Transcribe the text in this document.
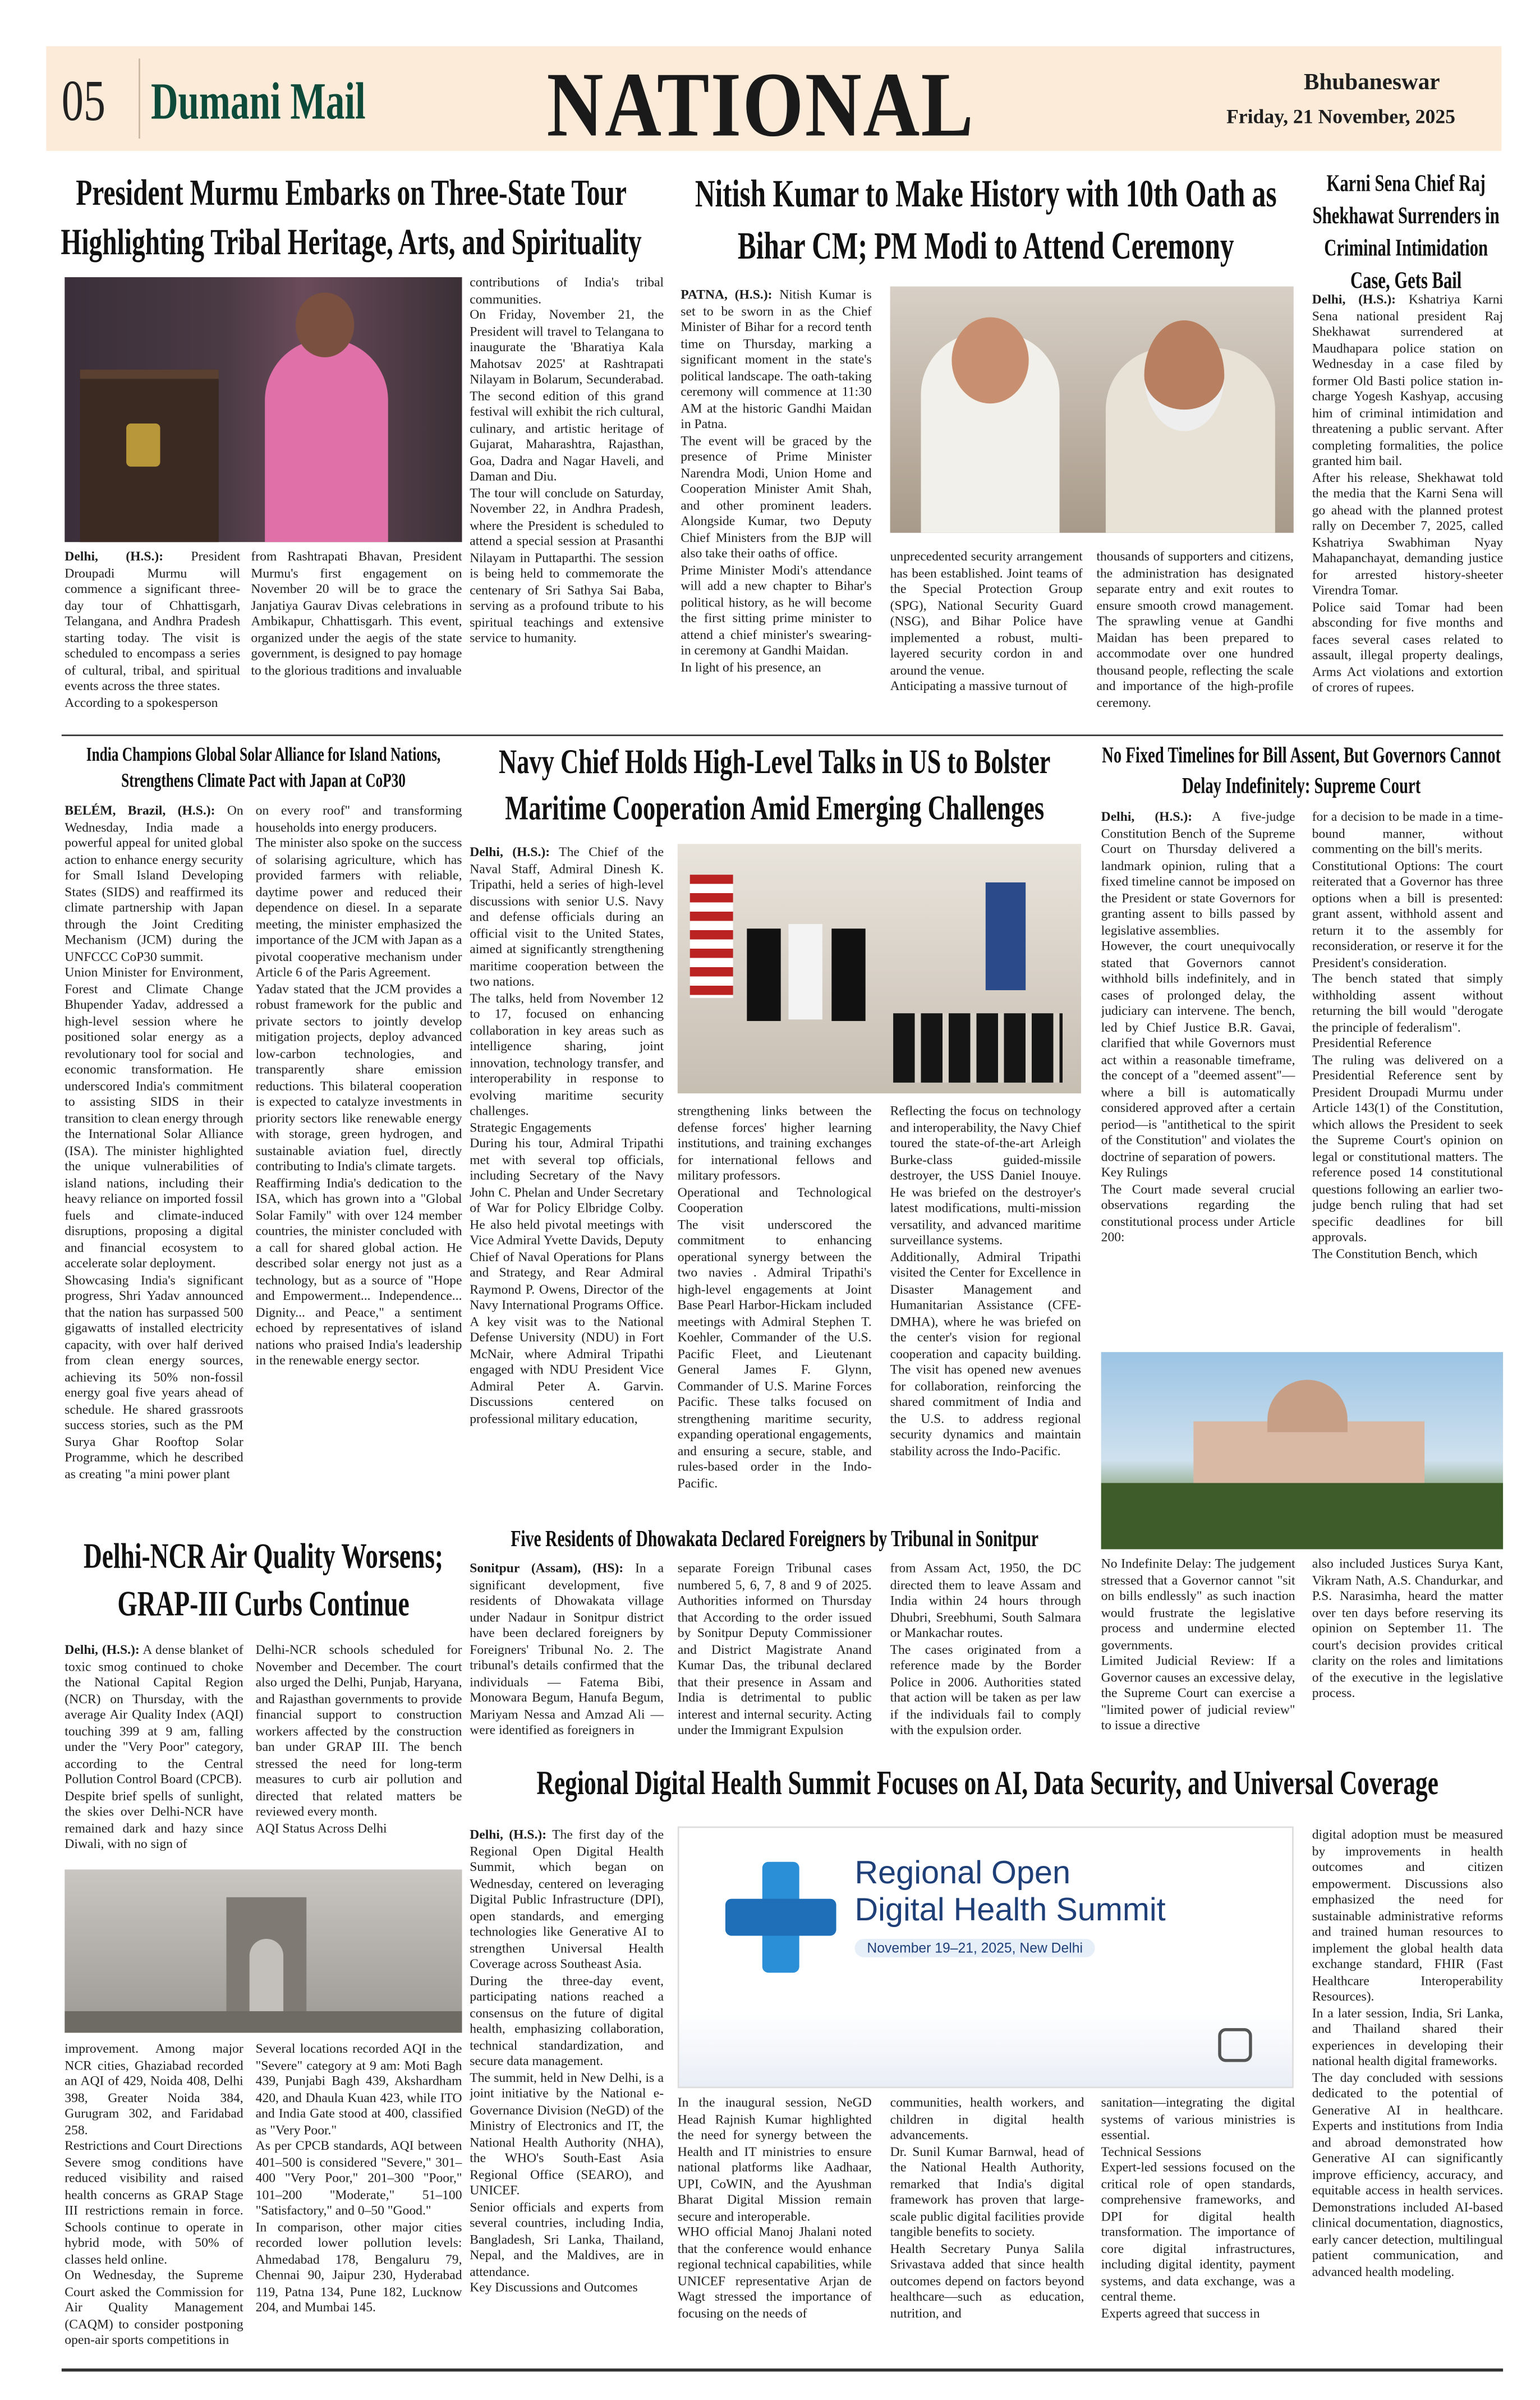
05 Dumani Mail	NATIONAL	Bhubaneswar
Friday, 21 November, 2025
President Murmu Embarks on Three-State Tour Highlighting Tribal Heritage, Arts, and Spirituality

Delhi, (H.S.): President Droupadi Murmu will commence a significant three-day tour of Chhattisgarh, Telangana, and Andhra Pradesh starting today. The visit is scheduled to encompass a series of cultural, tribal, and spiritual events across the three states.

According to a spokesperson

from Rashtrapati Bhavan, President Murmu's first engagement on November 20 will be to grace the Janjatiya Gaurav Divas celebrations in Ambikapur, Chhattisgarh. This event, organized under the aegis of the state government, is designed to pay homage to the glorious traditions and invaluable

contributions of India's tribal communities.

On Friday, November 21, the President will travel to Telangana to inaugurate the 'Bharatiya Kala Mahotsav 2025' at Rashtrapati Nilayam in Bolarum, Secunderabad. The second edition of this grand festival will exhibit the rich cultural, culinary, and artistic heritage of Gujarat, Maharashtra, Rajasthan, Goa, Dadra and Nagar Haveli, and Daman and Diu.

The tour will conclude on Saturday, November 22, in Andhra Pradesh, where the President is scheduled to attend a special session at Prasanthi Nilayam in Puttaparthi. The session is being held to commemorate the centenary of Sri Sathya Sai Baba, serving as a profound tribute to his spiritual teachings and extensive service to humanity.

Nitish Kumar to Make History with 10th Oath as Bihar CM; PM Modi to Attend Ceremony

PATNA, (H.S.): Nitish Kumar is set to be sworn in as the Chief Minister of Bihar for a record tenth time on Thursday, marking a significant moment in the state's political landscape. The oath-taking ceremony will commence at 11:30 AM at the historic Gandhi Maidan in Patna.

The event will be graced by the presence of Prime Minister Narendra Modi, Union Home and Cooperation Minister Amit Shah, and other prominent leaders. Alongside Kumar, two Deputy Chief Ministers from the BJP will also take their oaths of office.

Prime Minister Modi's attendance will add a new chapter to Bihar's political history, as he will become the first sitting prime minister to attend a chief minister's swearing-in ceremony at Gandhi Maidan.

In light of his presence, an

unprecedented security arrangement has been established. Joint teams of the Special Protection Group (SPG), National Security Guard (NSG), and Bihar Police have implemented a robust, multi-layered security cordon in and around the venue.

Anticipating a massive turnout of

thousands of supporters and citizens, the administration has designated separate entry and exit routes to ensure smooth crowd management. The sprawling venue at Gandhi Maidan has been prepared to accommodate over one hundred thousand people, reflecting the scale and importance of the high-profile ceremony.

Karni Sena Chief Raj Shekhawat Surrenders in Criminal Intimidation Case, Gets Bail

Delhi, (H.S.): Kshatriya Karni Sena national president Raj Shekhawat surrendered at Maudhapara police station on Wednesday in a case filed by former Old Basti police station in-charge Yogesh Kashyap, accusing him of criminal intimidation and threatening a public servant. After completing formalities, the police granted him bail.

After his release, Shekhawat told the media that the Karni Sena will go ahead with the planned protest rally on December 7, 2025, called Kshatriya Swabhiman Nyay Mahapanchayat, demanding justice for arrested history-sheeter Virendra Tomar.

Police said Tomar had been absconding for five months and faces several cases related to assault, illegal property dealings, Arms Act violations and extortion of crores of rupees.

India Champions Global Solar Alliance for Island Nations, Strengthens Climate Pact with Japan at CoP30

BELÉM, Brazil, (H.S.): On Wednesday, India made a powerful appeal for united global action to enhance energy security for Small Island Developing States (SIDS) and reaffirmed its climate partnership with Japan through the Joint Crediting Mechanism (JCM) during the UNFCCC CoP30 summit.

Union Minister for Environment, Forest and Climate Change Bhupender Yadav, addressed a high-level session where he positioned solar energy as a revolutionary tool for social and economic transformation. He underscored India's commitment to assisting SIDS in their transition to clean energy through the International Solar Alliance (ISA). The minister highlighted the unique vulnerabilities of island nations, including their heavy reliance on imported fossil fuels and climate-induced disruptions, proposing a digital and financial ecosystem to accelerate solar deployment.

Showcasing India's significant progress, Shri Yadav announced that the nation has surpassed 500 gigawatts of installed electricity capacity, with over half derived from clean energy sources, achieving its 50% non-fossil energy goal five years ahead of schedule. He shared grassroots success stories, such as the PM Surya Ghar Rooftop Solar Programme, which he described as creating "a mini power plant

on every roof" and transforming households into energy producers.

The minister also spoke on the success of solarising agriculture, which has provided farmers with reliable, daytime power and reduced their dependence on diesel. In a separate meeting, the minister emphasized the importance of the JCM with Japan as a pivotal cooperative mechanism under Article 6 of the Paris Agreement.

Yadav stated that the JCM provides a robust framework for the public and private sectors to jointly develop mitigation projects, deploy advanced low-carbon technologies, and transparently share emission reductions. This bilateral cooperation is expected to catalyze investments in priority sectors like renewable energy with storage, green hydrogen, and sustainable aviation fuel, directly contributing to India's climate targets.

Reaffirming India's dedication to the ISA, which has grown into a "Global Solar Family" with over 124 member countries, the minister concluded with a call for shared global action. He described solar energy not just as a technology, but as a source of "Hope and Empowerment... Independence... Dignity... and Peace," a sentiment echoed by representatives of island nations who praised India's leadership in the renewable energy sector.

Navy Chief Holds High-Level Talks in US to Bolster Maritime Cooperation Amid Emerging Challenges

Delhi, (H.S.): The Chief of the Naval Staff, Admiral Dinesh K. Tripathi, held a series of high-level discussions with senior U.S. Navy and defense officials during an official visit to the United States, aimed at significantly strengthening maritime cooperation between the two nations.

The talks, held from November 12 to 17, focused on enhancing collaboration in key areas such as intelligence sharing, joint innovation, technology transfer, and interoperability in response to evolving maritime security challenges.

Strategic Engagements

During his tour, Admiral Tripathi met with several top officials, including Secretary of the Navy John C. Phelan and Under Secretary of War for Policy Elbridge Colby. He also held pivotal meetings with Vice Admiral Yvette Davids, Deputy Chief of Naval Operations for Plans and Strategy, and Rear Admiral Raymond P. Owens, Director of the Navy International Programs Office.

A key visit was to the National Defense University (NDU) in Fort McNair, where Admiral Tripathi engaged with NDU President Vice Admiral Peter A. Garvin. Discussions centered on professional military education,

strengthening links between the defense forces' higher learning institutions, and training exchanges for international fellows and military professors.

Operational and Technological Cooperation

The visit underscored the commitment to enhancing operational synergy between the two navies . Admiral Tripathi's high-level engagements at Joint Base Pearl Harbor-Hickam included meetings with Admiral Stephen T. Koehler, Commander of the U.S. Pacific Fleet, and Lieutenant General James F. Glynn, Commander of U.S. Marine Forces Pacific. These talks focused on strengthening maritime security, expanding operational engagements, and ensuring a secure, stable, and rules-based order in the Indo-Pacific.

Reflecting the focus on technology and interoperability, the Navy Chief toured the state-of-the-art Arleigh Burke-class guided-missile destroyer, the USS Daniel Inouye. He was briefed on the destroyer's latest modifications, multi-mission versatility, and advanced maritime surveillance systems.

Additionally, Admiral Tripathi visited the Center for Excellence in Disaster Management and Humanitarian Assistance (CFE-DMHA), where he was briefed on the center's vision for regional cooperation and capacity building. The visit has opened new avenues for collaboration, reinforcing the shared commitment of India and the U.S. to address regional security dynamics and maintain stability across the Indo-Pacific.

No Fixed Timelines for Bill Assent, But Governors Cannot Delay Indefinitely: Supreme Court

Delhi, (H.S.): A five-judge Constitution Bench of the Supreme Court on Thursday delivered a landmark opinion, ruling that a fixed timeline cannot be imposed on the President or state Governors for granting assent to bills passed by legislative assemblies.

However, the court unequivocally stated that Governors cannot withhold bills indefinitely, and in cases of prolonged delay, the judiciary can intervene. The bench, led by Chief Justice B.R. Gavai, clarified that while Governors must act within a reasonable timeframe, the concept of a "deemed assent"—where a bill is automatically considered approved after a certain period—is "antithetical to the spirit of the Constitution" and violates the doctrine of separation of powers.

Key Rulings

The Court made several crucial observations regarding the constitutional process under Article 200:

for a decision to be made in a time-bound manner, without commenting on the bill's merits.

Constitutional Options: The court reiterated that a Governor has three options when a bill is presented: grant assent, withhold assent and return it to the assembly for reconsideration, or reserve it for the President's consideration.

The bench stated that simply withholding assent without returning the bill would "derogate the principle of federalism".

Presidential Reference

The ruling was delivered on a Presidential Reference sent by President Droupadi Murmu under Article 143(1) of the Constitution, which allows the President to seek the Supreme Court's opinion on legal or constitutional matters. The reference posed 14 constitutional questions following an earlier two-judge bench ruling that had set specific deadlines for bill approvals.

The Constitution Bench, which

No Indefinite Delay: The judgement stressed that a Governor cannot "sit on bills endlessly" as such inaction would frustrate the legislative process and undermine elected governments.

Limited Judicial Review: If a Governor causes an excessive delay, the Supreme Court can exercise a "limited power of judicial review" to issue a directive

also included Justices Surya Kant, Vikram Nath, A.S. Chandurkar, and P.S. Narasimha, heard the matter over ten days before reserving its opinion on September 11. The court's decision provides critical clarity on the roles and limitations of the executive in the legislative process.

Five Residents of Dhowakata Declared Foreigners by Tribunal in Sonitpur

Sonitpur (Assam), (HS): In a significant development, five residents of Dhowakata village under Nadaur in Sonitpur district have been declared foreigners by Foreigners' Tribunal No. 2. The tribunal's details confirmed that the individuals — Fatema Bibi, Monowara Begum, Hanufa Begum, Mariyam Nessa and Amzad Ali — were identified as foreigners in

separate Foreign Tribunal cases numbered 5, 6, 7, 8 and 9 of 2025. Authorities informed on Thursday that According to the order issued by Sonitpur Deputy Commissioner and District Magistrate Anand Kumar Das, the tribunal declared that their presence in Assam and India is detrimental to public interest and internal security. Acting under the Immigrant Expulsion

from Assam Act, 1950, the DC directed them to leave Assam and India within 24 hours through Dhubri, Sreebhumi, South Salmara or Mankachar routes.

The cases originated from a reference made by the Border Police in 2006. Authorities stated that action will be taken as per law if the individuals fail to comply with the expulsion order.

Delhi-NCR Air Quality Worsens; GRAP-III Curbs Continue

Delhi, (H.S.): A dense blanket of toxic smog continued to choke the National Capital Region (NCR) on Thursday, with the average Air Quality Index (AQI) touching 399 at 9 am, falling under the "Very Poor" category, according to the Central Pollution Control Board (CPCB).

Despite brief spells of sunlight, the skies over Delhi-NCR have remained dark and hazy since Diwali, with no sign of

Delhi-NCR schools scheduled for November and December. The court also urged the Delhi, Punjab, Haryana, and Rajasthan governments to provide financial support to construction workers affected by the construction ban under GRAP III. The bench stressed the need for long-term measures to curb air pollution and directed that related matters be reviewed every month.

AQI Status Across Delhi

improvement. Among major NCR cities, Ghaziabad recorded an AQI of 429, Noida 408, Delhi 398, Greater Noida 384, Gurugram 302, and Faridabad 258.

Restrictions and Court Directions

Severe smog conditions have reduced visibility and raised health concerns as GRAP Stage III restrictions remain in force. Schools continue to operate in hybrid mode, with 50% of classes held online.

On Wednesday, the Supreme Court asked the Commission for Air Quality Management (CAQM) to consider postponing open-air sports competitions in

Several locations recorded AQI in the "Severe" category at 9 am: Moti Bagh 439, Punjabi Bagh 439, Akshardham 420, and Dhaula Kuan 423, while ITO and India Gate stood at 400, classified as "Very Poor."

As per CPCB standards, AQI between 401–500 is considered "Severe," 301–400 "Very Poor," 201–300 "Poor," 101–200 "Moderate," 51–100 "Satisfactory," and 0–50 "Good."

In comparison, other major cities recorded lower pollution levels: Ahmedabad 178, Bengaluru 79, Chennai 90, Jaipur 230, Hyderabad 119, Patna 134, Pune 182, Lucknow 204, and Mumbai 145.

Regional Digital Health Summit Focuses on AI, Data Security, and Universal Coverage

Delhi, (H.S.): The first day of the Regional Open Digital Health Summit, which began on Wednesday, centered on leveraging Digital Public Infrastructure (DPI), open standards, and emerging technologies like Generative AI to strengthen Universal Health Coverage across Southeast Asia.

During the three-day event, participating nations reached a consensus on the future of digital health, emphasizing collaboration, technical standardization, and secure data management.

The summit, held in New Delhi, is a joint initiative by the National e-Governance Division (NeGD) of the Ministry of Electronics and IT, the National Health Authority (NHA), the WHO's South-East Asia Regional Office (SEARO), and UNICEF.

Senior officials and experts from several countries, including India, Bangladesh, Sri Lanka, Thailand, Nepal, and the Maldives, are in attendance.

Key Discussions and Outcomes

Regional Open
Digital Health Summit
November 19–21, 2025, New Delhi

In the inaugural session, NeGD Head Rajnish Kumar highlighted the need for synergy between the Health and IT ministries to ensure national platforms like Aadhaar, UPI, CoWIN, and the Ayushman Bharat Digital Mission remain secure and interoperable.

WHO official Manoj Jhalani noted that the conference would enhance regional technical capabilities, while UNICEF representative Arjan de Wagt stressed the importance of focusing on the needs of

communities, health workers, and children in digital health advancements.

Dr. Sunil Kumar Barnwal, head of the National Health Authority, remarked that India's digital framework has proven that large-scale public digital facilities provide tangible benefits to society.

Health Secretary Punya Salila Srivastava added that since health outcomes depend on factors beyond healthcare—such as education, nutrition, and

sanitation—integrating the digital systems of various ministries is essential.

Technical Sessions

Expert-led sessions focused on the critical role of open standards, comprehensive frameworks, and DPI for digital health transformation. The importance of core digital infrastructures, including digital identity, payment systems, and data exchange, was a central theme.

Experts agreed that success in

digital adoption must be measured by improvements in health outcomes and citizen empowerment. Discussions also emphasized the need for sustainable administrative reforms and trained human resources to implement the global health data exchange standard, FHIR (Fast Healthcare Interoperability Resources).

In a later session, India, Sri Lanka, and Thailand shared their experiences in developing their national health digital frameworks.

The day concluded with sessions dedicated to the potential of Generative AI in healthcare. Experts and institutions from India and abroad demonstrated how Generative AI can significantly improve efficiency, accuracy, and equitable access in health services. Demonstrations included AI-based clinical documentation, diagnostics, early cancer detection, multilingual patient communication, and advanced health modeling.
